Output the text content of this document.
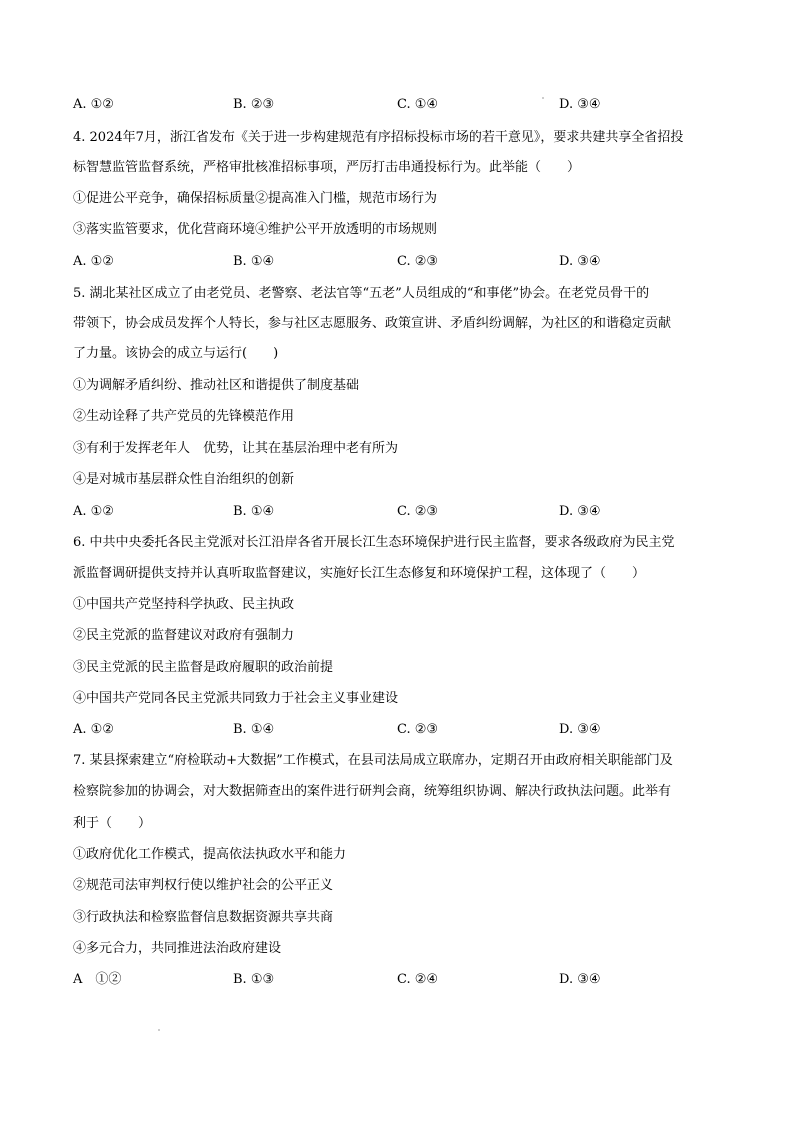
A. ①②	B. ②③	C. ①④	D. ③④
4. 2024年7月，浙江省发布《关于进一步构建规范有序招标投标市场的若干意见》，要求共建共享全省招投
标智慧监管监督系统，严格审批核准招标事项，严厉打击串通投标行为。此举能（　　）
①促进公平竞争，确保招标质量②提高准入门槛，规范市场行为
③落实监管要求，优化营商环境④维护公平开放透明的市场规则
A. ①②	B. ①④	C. ②③	D. ③④
5. 湖北某社区成立了由老党员、老警察、老法官等“五老”人员组成的“和事佬”协会。在老党员骨干的
带领下，协会成员发挥个人特长，参与社区志愿服务、政策宣讲、矛盾纠纷调解，为社区的和谐稳定贡献
了力量。该协会的成立与运行(　　)
①为调解矛盾纠纷、推动社区和谐提供了制度基础
②生动诠释了共产党员的先锋模范作用
③有利于发挥老年人　优势，让其在基层治理中老有所为
④是对城市基层群众性自治组织的创新
A. ①②	B. ①④	C. ②③	D. ③④
6. 中共中央委托各民主党派对长江沿岸各省开展长江生态环境保护进行民主监督，要求各级政府为民主党
派监督调研提供支持并认真听取监督建议，实施好长江生态修复和环境保护工程，这体现了（　　）
①中国共产党坚持科学执政、民主执政
②民主党派的监督建议对政府有强制力
③民主党派的民主监督是政府履职的政治前提
④中国共产党同各民主党派共同致力于社会主义事业建设
A. ①②	B. ①④	C. ②③	D. ③④
7. 某县探索建立“府检联动+大数据”工作模式，在县司法局成立联席办，定期召开由政府相关职能部门及
检察院参加的协调会，对大数据筛查出的案件进行研判会商，统筹组织协调、解决行政执法问题。此举有
利于（　　）
①政府优化工作模式，提高依法执政水平和能力
②规范司法审判权行使以维护社会的公平正义
③行政执法和检察监督信息数据资源共享共商
④多元合力，共同推进法治政府建设
A　①②	B. ①③	C. ②④	D. ③④
